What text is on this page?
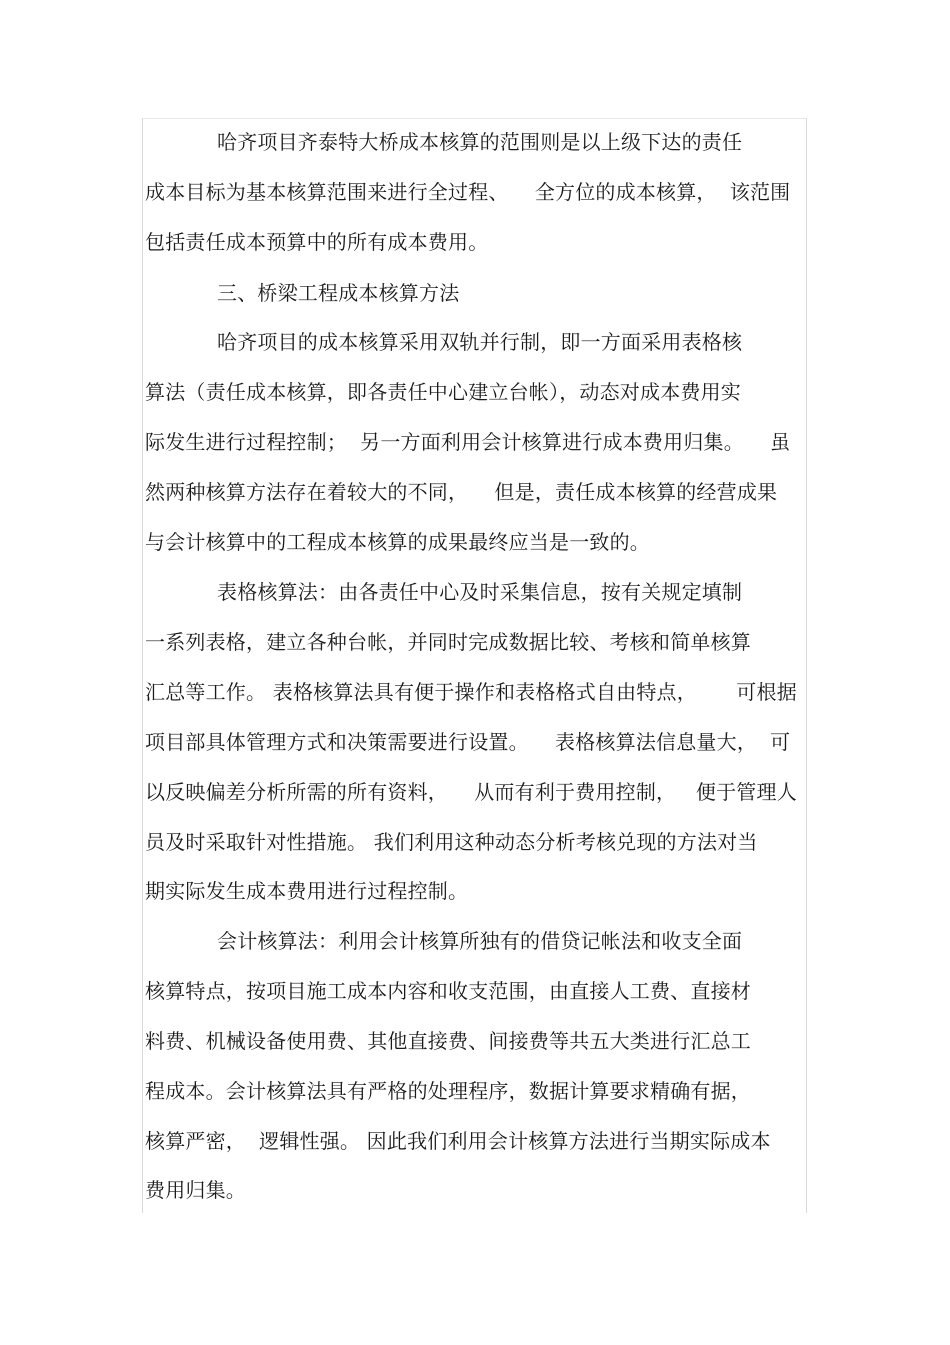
哈齐项目齐泰特大桥成本核算的范围则是以上级下达的责任
成本目标为基本核算范围来进行全过程、    全方位的成本核算，  该范围
包括责任成本预算中的所有成本费用。
三、桥梁工程成本核算方法
哈齐项目的成本核算采用双轨并行制，即一方面采用表格核
算法（责任成本核算，即各责任中心建立台帐），动态对成本费用实
际发生进行过程控制；  另一方面利用会计核算进行成本费用归集。    虽
然两种核算方法存在着较大的不同，    但是，责任成本核算的经营成果
与会计核算中的工程成本核算的成果最终应当是一致的。
表格核算法：由各责任中心及时采集信息，按有关规定填制
一系列表格，建立各种台帐，并同时完成数据比较、考核和简单核算
汇总等工作。 表格核算法具有便于操作和表格格式自由特点，      可根据
项目部具体管理方式和决策需要进行设置。    表格核算法信息量大，  可
以反映偏差分析所需的所有资料，    从而有利于费用控制，   便于管理人
员及时采取针对性措施。 我们利用这种动态分析考核兑现的方法对当
期实际发生成本费用进行过程控制。
会计核算法：利用会计核算所独有的借贷记帐法和收支全面
核算特点，按项目施工成本内容和收支范围，由直接人工费、直接材
料费、机械设备使用费、其他直接费、间接费等共五大类进行汇总工
程成本。会计核算法具有严格的处理程序，数据计算要求精确有据，
核算严密，  逻辑性强。 因此我们利用会计核算方法进行当期实际成本
费用归集。
